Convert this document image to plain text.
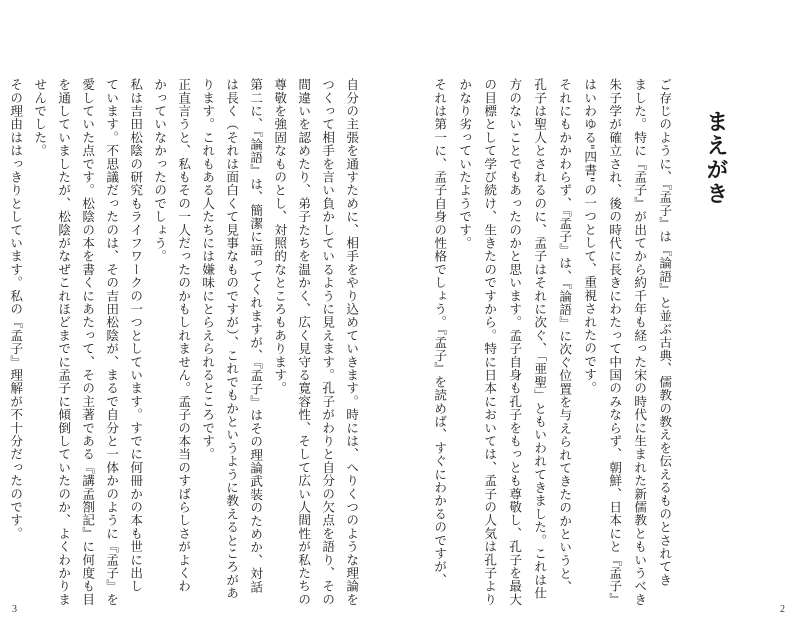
まえがき
ご存じのように、『孟子』は『論語』と並ぶ古典、儒教の教えを伝えるものとされてき
ました。特に『孟子』が出てから約千年も経った宋の時代に生まれた新儒教ともいうべき
朱子学が確立され、後の時代に長きにわたって中国のみならず、朝鮮、日本にと『孟子』
はいわゆる"四書"の一つとして、重視されたのです。
それにもかかわらず、『孟子』は、『論語』に次ぐ位置を与えられてきたのかというと、
孔子は聖人とされるのに、孟子はそれに次ぐ、「亜聖」ともいわれてきました。これは仕
方のないことでもあったのかと思います。孟子自身も孔子をもっとも尊敬し、孔子を最大
の目標として学び続け、生きたのですから。特に日本においては、孟子の人気は孔子より
かなり劣っていたようです。
それは第一に、孟子自身の性格でしょう。『孟子』を読めば、すぐにわかるのですが、
自分の主張を通すために、相手をやり込めていきます。時には、へりくつのような理論を
つくって相手を言い負かしているように見えます。孔子がわりと自分の欠点を語り、その
間違いを認めたり、弟子たちを温かく、広く見守る寛容性、そして広い人間性が私たちの
尊敬を強固なものとし、対照的なところもあります。
第二に、『論語』は、簡潔に語ってくれますが、『孟子』はその理論武装のためか、対話
は長く（それは面白くて見事なものですが）、これでもかというように教えるところがあ
ります。これもある人たちには嫌味にとらえられるところです。
正直言うと、私もその一人だったのかもしれません。孟子の本当のすばらしさがよくわ
かっていなかったのでしょう。
私は吉田松陰の研究もライフワークの一つとしています。すでに何冊かの本も世に出し
ています。不思議だったのは、その吉田松陰が、まるで自分と一体かのように『孟子』を
愛していた点です。松陰の本を書くにあたって、その主著である『講孟劄記』に何度も目
を通していましたが、松陰がなぜこれほどまでに孟子に傾倒していたのか、よくわかりま
せんでした。
その理由ははっきりとしています。私の『孟子』理解が不十分だったのです。
3	2
